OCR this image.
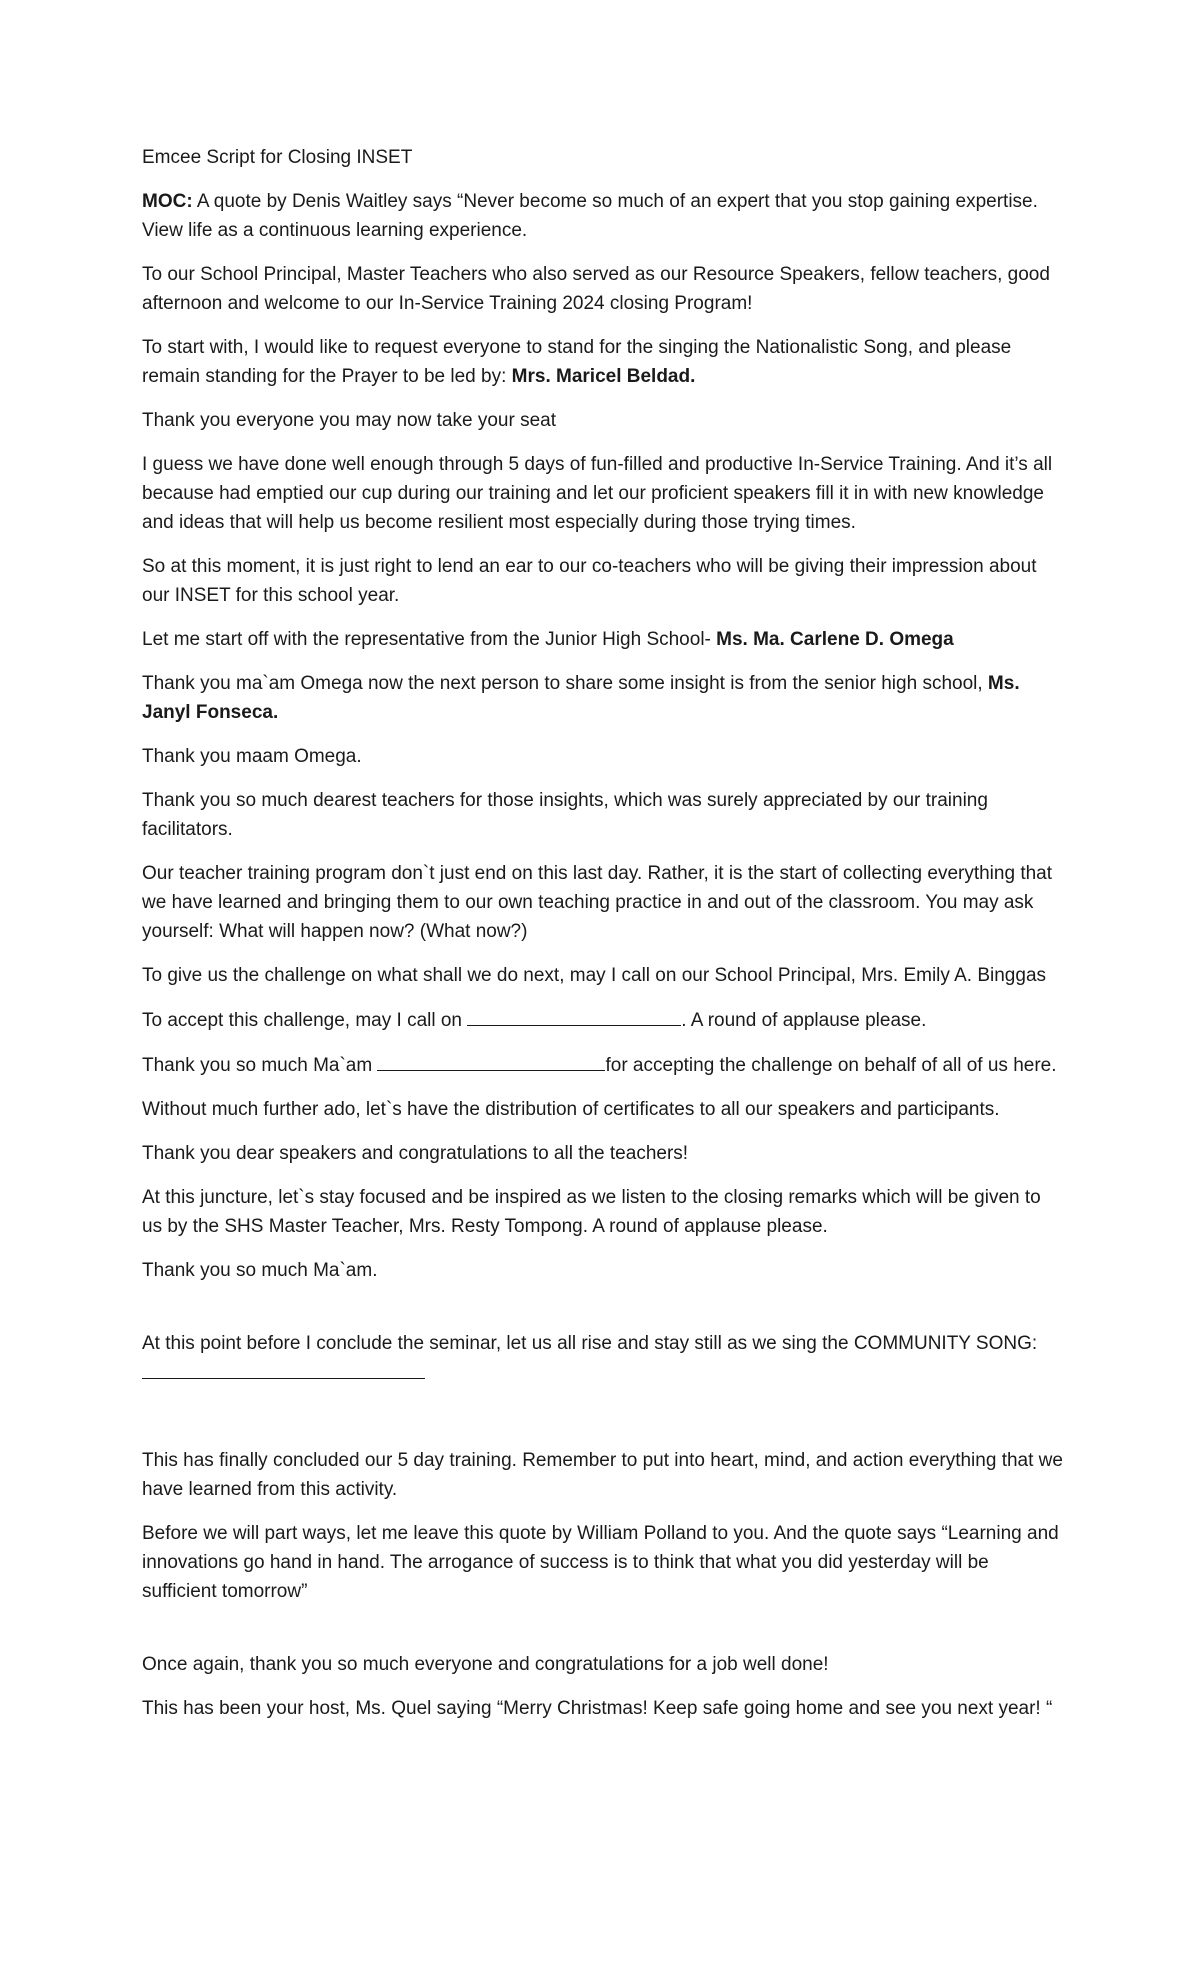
Emcee Script for Closing INSET

MOC: A quote by Denis Waitley says “Never become so much of an expert that you stop gaining expertise. View life as a continuous learning experience.

To our School Principal, Master Teachers who also served as our Resource Speakers, fellow teachers, good afternoon and welcome to our In-Service Training 2024 closing Program!

To start with, I would like to request everyone to stand for the singing the Nationalistic Song, and please remain standing for the Prayer to be led by: Mrs. Maricel Beldad.

Thank you everyone you may now take your seat

I guess we have done well enough through 5 days of fun-filled and productive In-Service Training. And it’s all because had emptied our cup during our training and let our proficient speakers fill it in with new knowledge and ideas that will help us become resilient most especially during those trying times.

So at this moment, it is just right to lend an ear to our co-teachers who will be giving their impression about our INSET for this school year.

Let me start off with the representative from the Junior High School- Ms. Ma. Carlene D. Omega

Thank you ma`am Omega now the next person to share some insight is from the senior high school, Ms. Janyl Fonseca.

Thank you maam Omega.

Thank you so much dearest teachers for those insights, which was surely appreciated by our training facilitators.

Our teacher training program don`t just end on this last day. Rather, it is the start of collecting everything that we have learned and bringing them to our own teaching practice in and out of the classroom. You may ask yourself: What will happen now? (What now?)

To give us the challenge on what shall we do next, may I call on our School Principal, Mrs. Emily A. Binggas

To accept this challenge, may I call on	. A round of applause please.

Thank you so much Ma`am	for accepting the challenge on behalf of all of us here.

Without much further ado, let`s have the distribution of certificates to all our speakers and participants.

Thank you dear speakers and congratulations to all the teachers!

At this juncture, let`s stay focused and be inspired as we listen to the closing remarks which will be given to us by the SHS Master Teacher, Mrs. Resty Tompong. A round of applause please.

Thank you so much Ma`am.

At this point before I conclude the seminar, let us all rise and stay still as we sing the COMMUNITY SONG:

This has finally concluded our 5 day training. Remember to put into heart, mind, and action everything that we have learned from this activity.

Before we will part ways, let me leave this quote by William Polland to you. And the quote says “Learning and innovations go hand in hand. The arrogance of success is to think that what you did yesterday will be sufficient tomorrow”

Once again, thank you so much everyone and congratulations for a job well done!

This has been your host, Ms. Quel saying “Merry Christmas! Keep safe going home and see you next year! “
